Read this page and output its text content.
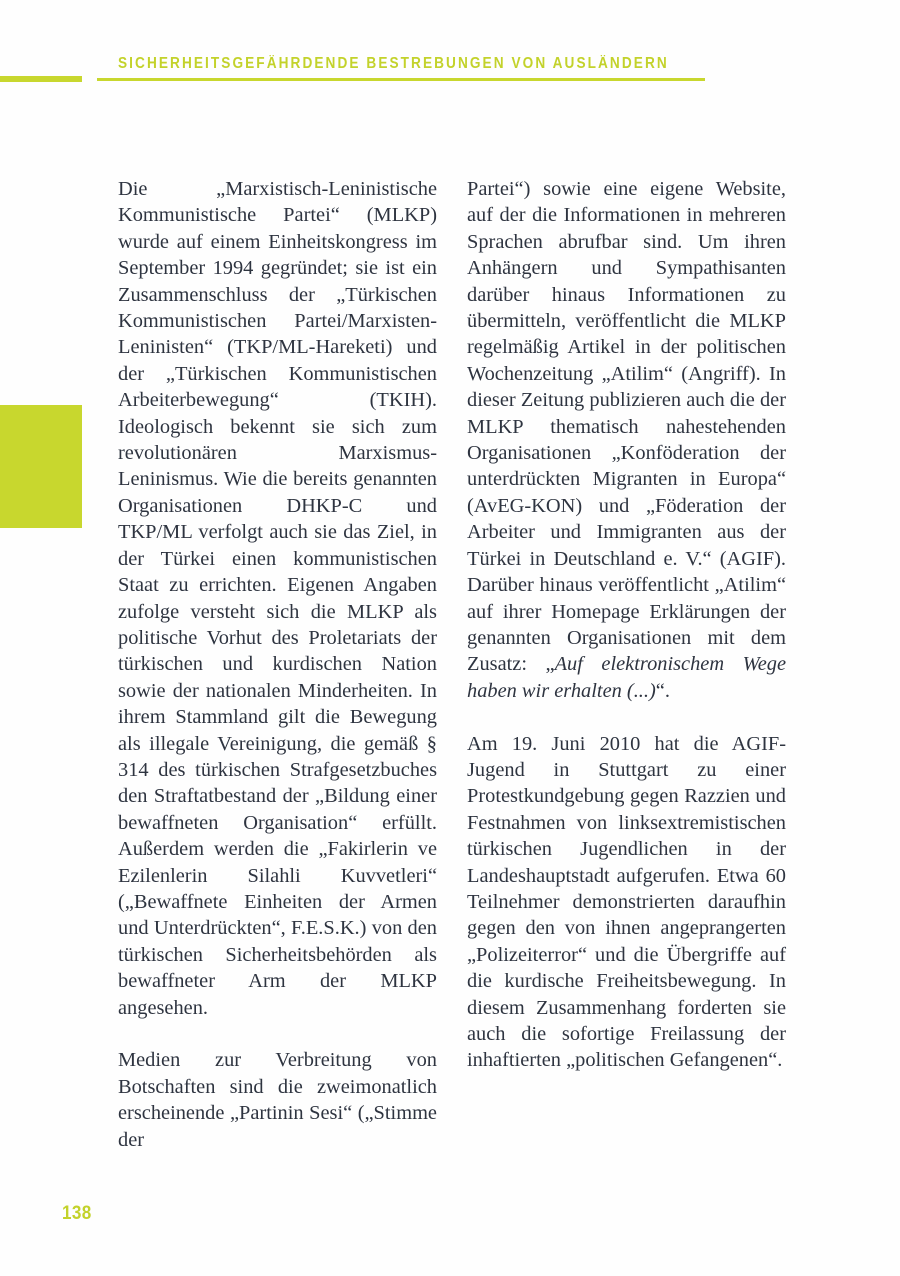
SICHERHEITSGEFÄHRDENDE BESTREBUNGEN VON AUSLÄNDERN

Die „Marxistisch-Leninistische Kommunistische Partei“ (MLKP) wurde auf einem Einheitskongress im September 1994 gegründet; sie ist ein Zusammenschluss der „Türkischen Kommunistischen Partei/Marxisten-Leninisten“ (TKP/ML-Hareketi) und der „Türkischen Kommunistischen Arbeiterbewegung“ (TKIH). Ideologisch bekennt sie sich zum revolutionären Marxismus-Leninismus. Wie die bereits genannten Organisationen DHKP-C und TKP/ML verfolgt auch sie das Ziel, in der Türkei einen kommunistischen Staat zu errichten. Eigenen Angaben zufolge versteht sich die MLKP als politische Vorhut des Proletariats der türkischen und kurdischen Nation sowie der nationalen Minderheiten. In ihrem Stammland gilt die Bewegung als illegale Vereinigung, die gemäß § 314 des türkischen Strafgesetzbuches den Straftatbestand der „Bildung einer bewaffneten Organisation“ erfüllt. Außerdem werden die „Fakirlerin ve Ezilenlerin Silahli Kuvvetleri“ („Bewaffnete Einheiten der Armen und Unterdrückten“, F.E.S.K.) von den türkischen Sicherheitsbehörden als bewaffneter Arm der MLKP angesehen.

Medien zur Verbreitung von Botschaften sind die zweimonatlich erscheinende „Partinin Sesi“ („Stimme der

Partei“) sowie eine eigene Website, auf der die Informationen in mehreren Sprachen abrufbar sind. Um ihren Anhängern und Sympathisanten darüber hinaus Informationen zu übermitteln, veröffentlicht die MLKP regelmäßig Artikel in der politischen Wochenzeitung „Atilim“ (Angriff). In dieser Zeitung publizieren auch die der MLKP thematisch nahestehenden Organisationen „Konföderation der unterdrückten Migranten in Europa“ (AvEG-KON) und „Föderation der Arbeiter und Immigranten aus der Türkei in Deutschland e. V.“ (AGIF). Darüber hinaus veröffentlicht „Atilim“ auf ihrer Homepage Erklärungen der genannten Organisationen mit dem Zusatz: „Auf elektronischem Wege haben wir erhalten (...)“.

Am 19. Juni 2010 hat die AGIF-Jugend in Stuttgart zu einer Protestkundgebung gegen Razzien und Festnahmen von linksextremistischen türkischen Jugendlichen in der Landeshauptstadt aufgerufen. Etwa 60 Teilnehmer demonstrierten daraufhin gegen den von ihnen angeprangerten „Polizeiterror“ und die Übergriffe auf die kurdische Freiheitsbewegung. In diesem Zusammenhang forderten sie auch die sofortige Freilassung der inhaftierten „politischen Gefangenen“.

138
